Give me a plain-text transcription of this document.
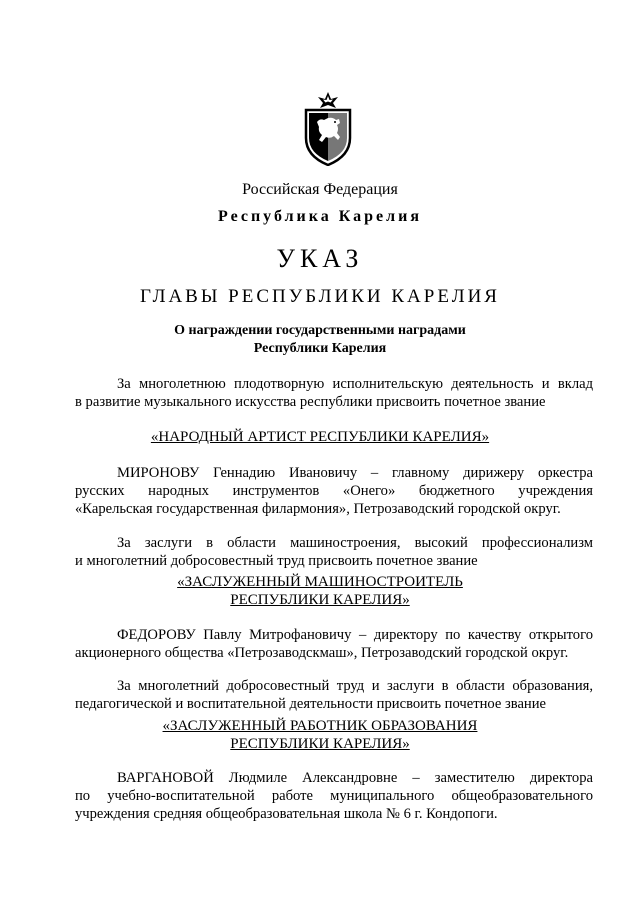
Российская Федерация
Республика Карелия
УКАЗ
ГЛАВЫ РЕСПУБЛИКИ КАРЕЛИЯ
О награждении государственными наградами
Республики Карелия
За многолетнюю плодотворную исполнительскую деятельность и вклад
в развитие музыкального искусства республики присвоить почетное звание
«НАРОДНЫЙ АРТИСТ РЕСПУБЛИКИ КАРЕЛИЯ»
МИРОНОВУ Геннадию Ивановичу – главному дирижеру оркестра
русских народных инструментов «Онего» бюджетного учреждения
«Карельская государственная филармония», Петрозаводский городской округ.
За заслуги в области машиностроения, высокий профессионализм
и многолетний добросовестный труд присвоить почетное звание
«ЗАСЛУЖЕННЫЙ МАШИНОСТРОИТЕЛЬ
РЕСПУБЛИКИ КАРЕЛИЯ»
ФЕДОРОВУ Павлу Митрофановичу – директору по качеству открытого
акционерного общества «Петрозаводскмаш», Петрозаводский городской округ.
За многолетний добросовестный труд и заслуги в области образования,
педагогической и воспитательной деятельности присвоить почетное звание
«ЗАСЛУЖЕННЫЙ РАБОТНИК ОБРАЗОВАНИЯ
РЕСПУБЛИКИ КАРЕЛИЯ»
ВАРГАНОВОЙ Людмиле Александровне – заместителю директора
по учебно-воспитательной работе муниципального общеобразовательного
учреждения средняя общеобразовательная школа № 6 г. Кондопоги.
